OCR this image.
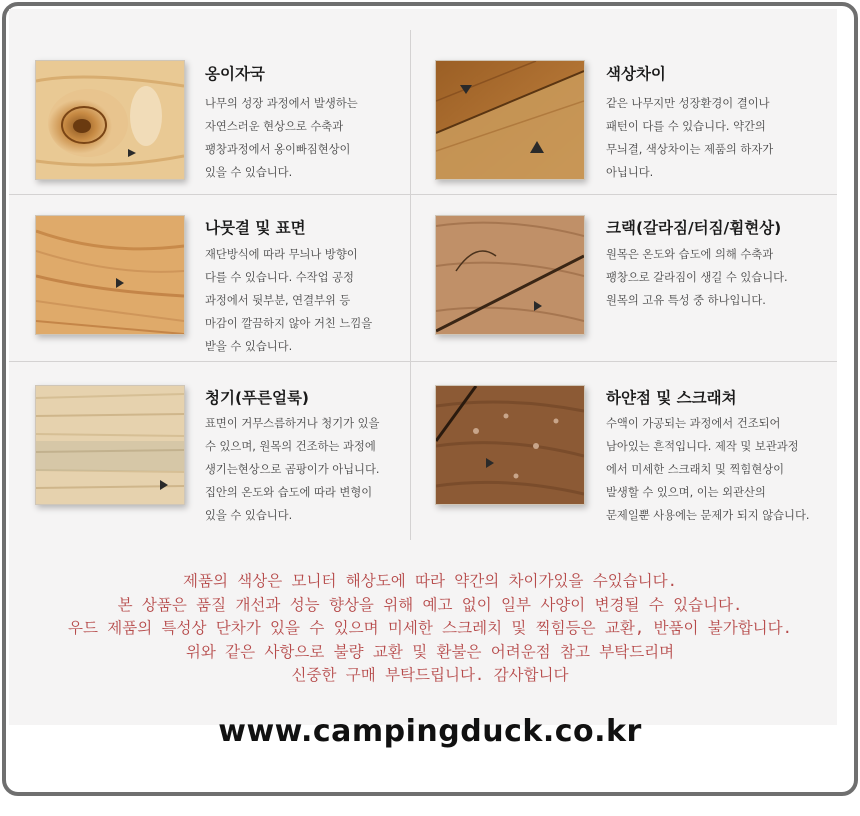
옹이자국
나무의 성장 과정에서 발생하는
자연스러운 현상으로 수축과
팽창과정에서 옹이빠짐현상이
있을 수 있습니다.
색상차이
같은 나무지만 성장환경이 결이나
패턴이 다를 수 있습니다. 약간의
무늬결, 색상차이는 제품의 하자가
아닙니다.
나뭇결 및 표면
재단방식에 따라 무늬나 방향이
다를 수 있습니다. 수작업 공정
과정에서 뒷부분, 연결부위 등
마감이 깔끔하지 않아 거친 느낌을
받을 수 있습니다.
크랙(갈라짐/터짐/휨현상)
원목은 온도와 습도에 의해 수축과
팽창으로 갈라짐이 생길 수 있습니다.
원목의 고유 특성 중 하나입니다.
청기(푸른얼룩)
표면이 거무스름하거나 청기가 있을
수 있으며, 원목의 건조하는 과정에
생기는현상으로 곰팡이가 아닙니다.
집안의 온도와 습도에 따라 변형이
있을 수 있습니다.
하얀점 및 스크래쳐
수액이 가공되는 과정에서 건조되어
남아있는 흔적입니다. 제작 및 보관과정
에서 미세한 스크래치 및 찍힘현상이
발생할 수 있으며, 이는 외관산의
문제일뿐 사용에는 문제가 되지 않습니다.
제품의 색상은 모니터 해상도에 따라 약간의 차이가있을 수있습니다.
본 상품은 품질 개선과 성능 향상을 위해 예고 없이 일부 사양이 변경될 수 있습니다.
우드 제품의 특성상 단차가 있을 수 있으며 미세한 스크레치 및 찍힘등은 교환, 반품이 불가합니다.
위와 같은 사항으로 불량 교환 및 환불은 어려운점 참고 부탁드리며
신중한 구매 부탁드립니다. 감사합니다
www.campingduck.co.kr
